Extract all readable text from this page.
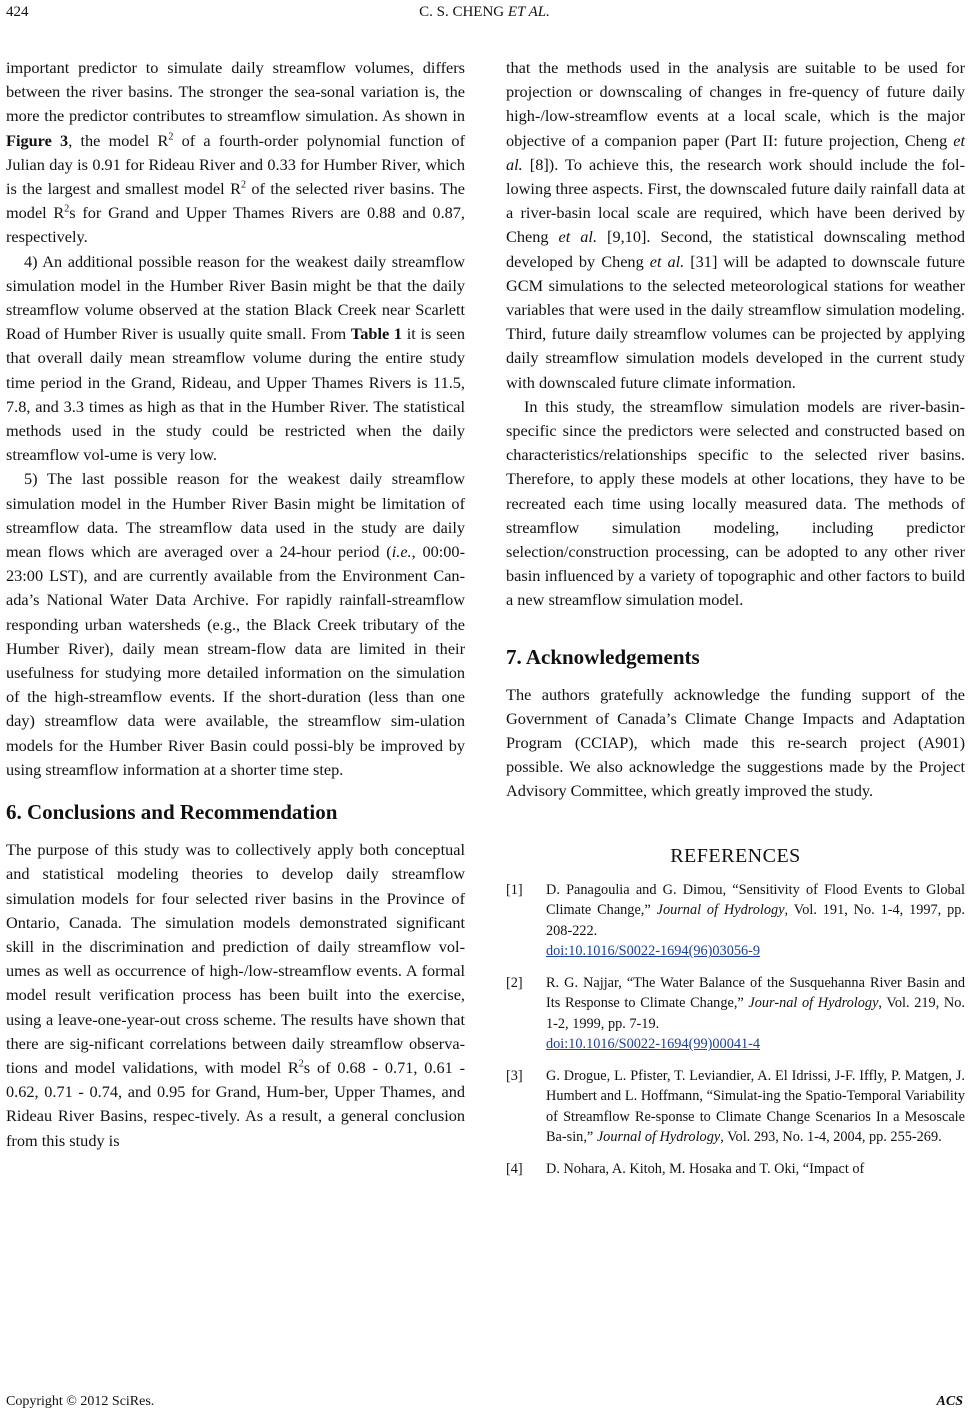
424	C. S. CHENG ET AL.

important predictor to simulate daily streamflow volumes, differs between the river basins. The stronger the sea-sonal variation is, the more the predictor contributes to streamflow simulation. As shown in Figure 3, the model $R^2$ of a fourth-order polynomial function of Julian day is 0.91 for Rideau River and 0.33 for Humber River, which is the largest and smallest model $R^2$ of the selected river basins. The model $R^2s$ for Grand and Upper Thames Rivers are 0.88 and 0.87, respectively.

4) An additional possible reason for the weakest daily streamflow simulation model in the Humber River Basin might be that the daily streamflow volume observed at the station Black Creek near Scarlett Road of Humber River is usually quite small. From Table 1 it is seen that overall daily mean streamflow volume during the entire study time period in the Grand, Rideau, and Upper Thames Rivers is 11.5, 7.8, and 3.3 times as high as that in the Humber River. The statistical methods used in the study could be restricted when the daily streamflow vol-ume is very low.

5) The last possible reason for the weakest daily streamflow simulation model in the Humber River Basin might be limitation of streamflow data. The streamflow data used in the study are daily mean flows which are averaged over a 24-hour period (i.e., 00:00-23:00 LST), and are currently available from the Environment Can-ada’s National Water Data Archive. For rapidly rainfall-streamflow responding urban watersheds (e.g., the Black Creek tributary of the Humber River), daily mean stream-flow data are limited in their usefulness for studying more detailed information on the simulation of the high-streamflow events. If the short-duration (less than one day) streamflow data were available, the streamflow sim-ulation models for the Humber River Basin could possi-bly be improved by using streamflow information at a shorter time step.

6. Conclusions and Recommendation

The purpose of this study was to collectively apply both conceptual and statistical modeling theories to develop daily streamflow simulation models for four selected river basins in the Province of Ontario, Canada. The simulation models demonstrated significant skill in the discrimination and prediction of daily streamflow vol-umes as well as occurrence of high-/low-streamflow events. A formal model result verification process has been built into the exercise, using a leave-one-year-out cross scheme. The results have shown that there are sig-nificant correlations between daily streamflow observa-tions and model validations, with model $R^2s$ of 0.68 - 0.71, 0.61 - 0.62, 0.71 - 0.74, and 0.95 for Grand, Hum-ber, Upper Thames, and Rideau River Basins, respec-tively. As a result, a general conclusion from this study is

that the methods used in the analysis are suitable to be used for projection or downscaling of changes in fre-quency of future daily high-/low-streamflow events at a local scale, which is the major objective of a companion paper (Part II: future projection, Cheng et al. [8]). To achieve this, the research work should include the fol-lowing three aspects. First, the downscaled future daily rainfall data at a river-basin local scale are required, which have been derived by Cheng et al. [9,10]. Second, the statistical downscaling method developed by Cheng et al. [31] will be adapted to downscale future GCM simulations to the selected meteorological stations for weather variables that were used in the daily streamflow simulation modeling. Third, future daily streamflow volumes can be projected by applying daily streamflow simulation models developed in the current study with downscaled future climate information.

In this study, the streamflow simulation models are river-basin-specific since the predictors were selected and constructed based on characteristics/relationships specific to the selected river basins. Therefore, to apply these models at other locations, they have to be recreated each time using locally measured data. The methods of streamflow simulation modeling, including predictor selection/construction processing, can be adopted to any other river basin influenced by a variety of topographic and other factors to build a new streamflow simulation model.

7. Acknowledgements

The authors gratefully acknowledge the funding support of the Government of Canada’s Climate Change Impacts and Adaptation Program (CCIAP), which made this re-search project (A901) possible. We also acknowledge the suggestions made by the Project Advisory Committee, which greatly improved the study.

REFERENCES
[1]	D. Panagoulia and G. Dimou, “Sensitivity of Flood Events to Global Climate Change,” Journal of Hydrology, Vol. 191, No. 1-4, 1997, pp. 208-222.
doi:10.1016/S0022-1694(96)03056-9
[2]	R. G. Najjar, “The Water Balance of the Susquehanna River Basin and Its Response to Climate Change,” Jour-nal of Hydrology, Vol. 219, No. 1-2, 1999, pp. 7-19.
doi:10.1016/S0022-1694(99)00041-4
[3]	G. Drogue, L. Pfister, T. Leviandier, A. El Idrissi, J-F. Iffly, P. Matgen, J. Humbert and L. Hoffmann, “Simulat-ing the Spatio-Temporal Variability of Streamflow Re-sponse to Climate Change Scenarios In a Mesoscale Ba-sin,” Journal of Hydrology, Vol. 293, No. 1-4, 2004, pp. 255-269.
[4]	D. Nohara, A. Kitoh, M. Hosaka and T. Oki, “Impact of
Copyright © 2012 SciRes.	ACS
